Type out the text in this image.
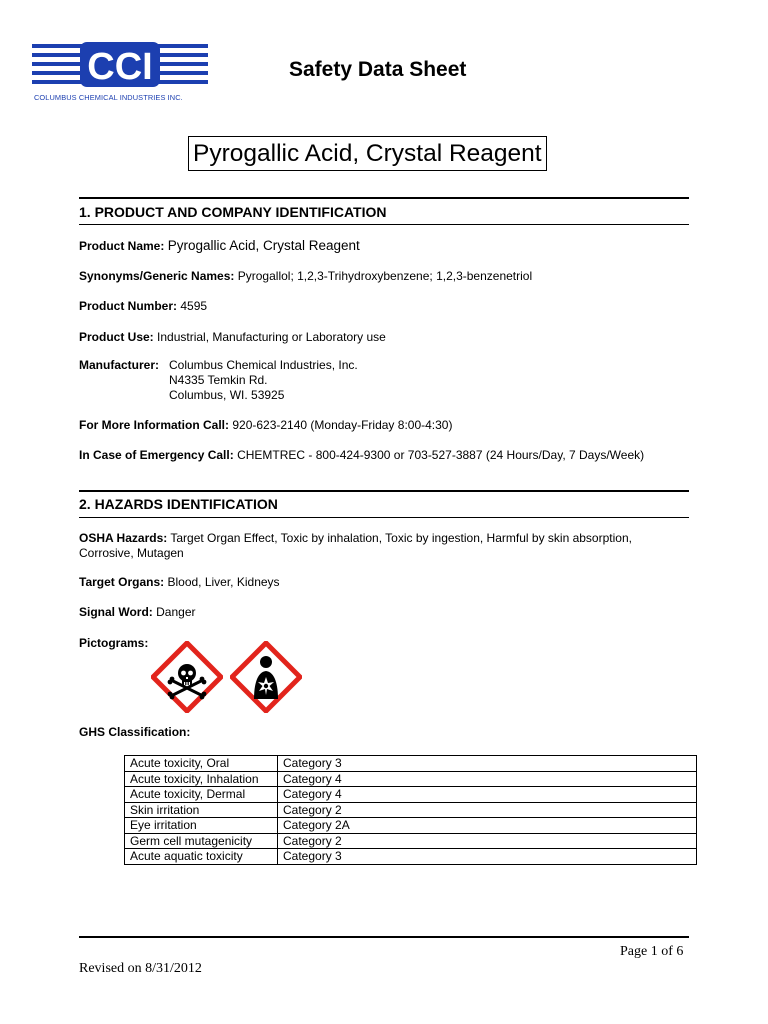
CCI
COLUMBUS CHEMICAL INDUSTRIES INC.
Safety Data Sheet
Pyrogallic Acid, Crystal Reagent
1. PRODUCT AND COMPANY IDENTIFICATION
Product Name: Pyrogallic Acid, Crystal Reagent
Synonyms/Generic Names: Pyrogallol; 1,2,3-Trihydroxybenzene; 1,2,3-benzenetriol
Product Number: 4595
Product Use: Industrial, Manufacturing or Laboratory use
Manufacturer: Columbus Chemical Industries, Inc.
N4335 Temkin Rd.
Columbus, WI. 53925
For More Information Call: 920-623-2140 (Monday-Friday 8:00-4:30)
In Case of Emergency Call: CHEMTREC - 800-424-9300 or 703-527-3887 (24 Hours/Day, 7 Days/Week)
2. HAZARDS IDENTIFICATION
OSHA Hazards: Target Organ Effect, Toxic by inhalation, Toxic by ingestion, Harmful by skin absorption, Corrosive, Mutagen
Target Organs: Blood, Liver, Kidneys
Signal Word: Danger
Pictograms:
GHS Classification:
Acute toxicity, Oral	Category 3
Acute toxicity, Inhalation	Category 4
Acute toxicity, Dermal	Category 4
Skin irritation	Category 2
Eye irritation	Category 2A
Germ cell mutagenicity	Category 2
Acute aquatic toxicity	Category 3
Page 1 of 6
Revised on 8/31/2012
